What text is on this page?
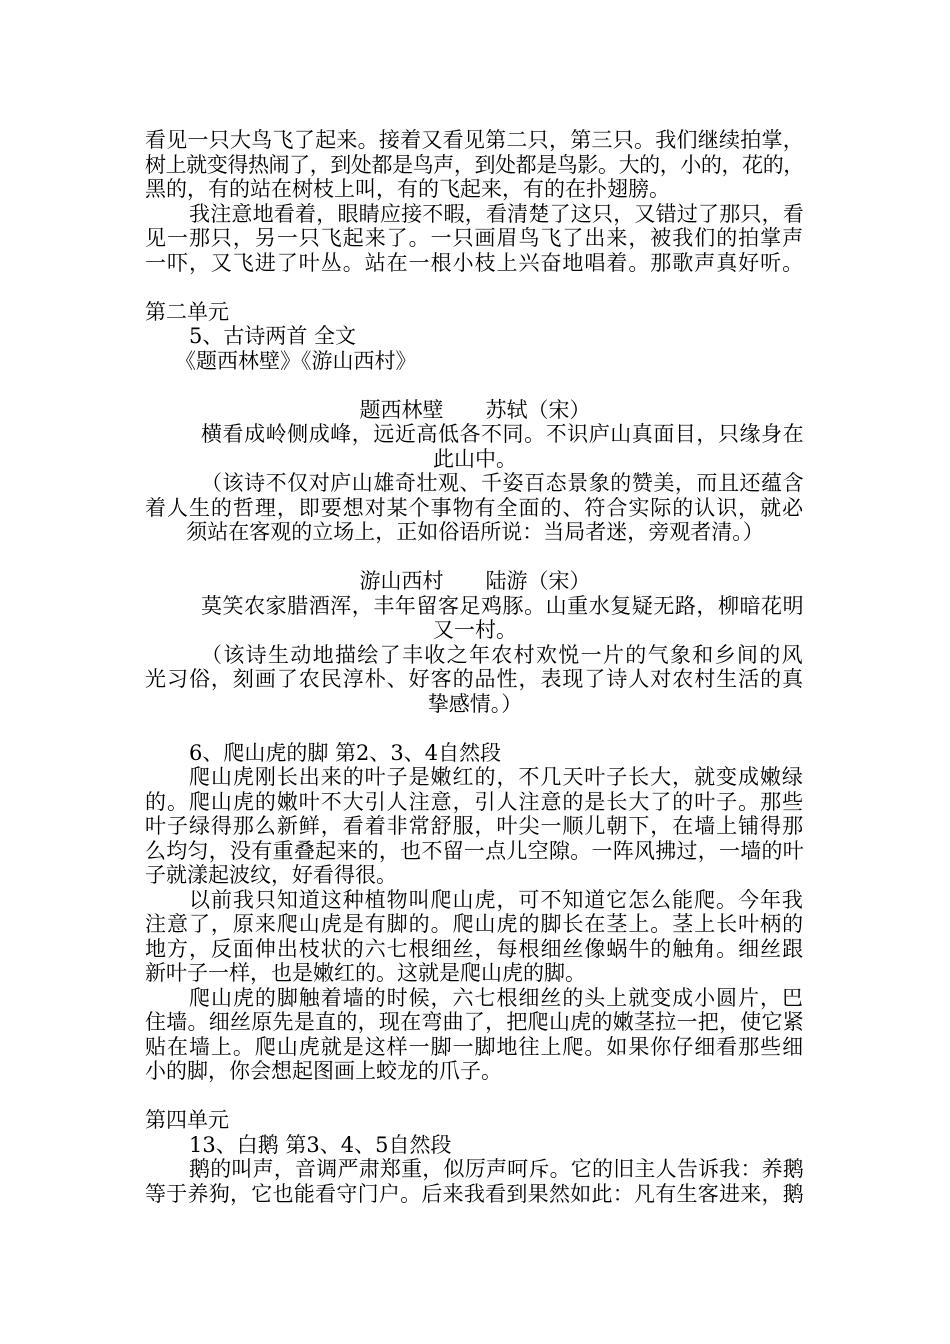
看见一只大鸟飞了起来。接着又看见第二只，第三只。我们继续拍掌，
树上就变得热闹了，到处都是鸟声，到处都是鸟影。大的，小的，花的，
黑的，有的站在树枝上叫，有的飞起来，有的在扑翅膀。
我注意地看着，眼睛应接不暇，看清楚了这只，又错过了那只，看
见一那只，另一只飞起来了。一只画眉鸟飞了出来，被我们的拍掌声
一吓，又飞进了叶丛。站在一根小枝上兴奋地唱着。那歌声真好听。
第二单元
5、古诗两首 全文
《题西林壁》《游山西村》
题西林壁　　苏轼（宋）
横看成岭侧成峰，远近高低各不同。不识庐山真面目，只缘身在
此山中。
（该诗不仅对庐山雄奇壮观、千姿百态景象的赞美，而且还蕴含
着人生的哲理，即要想对某个事物有全面的、符合实际的认识，就必
须站在客观的立场上，正如俗语所说：当局者迷，旁观者清。）
游山西村　　陆游（宋）
莫笑农家腊酒浑，丰年留客足鸡豚。山重水复疑无路，柳暗花明
又一村。
（该诗生动地描绘了丰收之年农村欢悦一片的气象和乡间的风
光习俗，刻画了农民淳朴、好客的品性，表现了诗人对农村生活的真
挚感情。）
6、爬山虎的脚 第2、3、4自然段
爬山虎刚长出来的叶子是嫩红的，不几天叶子长大，就变成嫩绿
的。爬山虎的嫩叶不大引人注意，引人注意的是长大了的叶子。那些
叶子绿得那么新鲜，看着非常舒服，叶尖一顺儿朝下，在墙上铺得那
么均匀，没有重叠起来的，也不留一点儿空隙。一阵风拂过，一墙的叶
子就漾起波纹，好看得很。
以前我只知道这种植物叫爬山虎，可不知道它怎么能爬。今年我
注意了，原来爬山虎是有脚的。爬山虎的脚长在茎上。茎上长叶柄的
地方，反面伸出枝状的六七根细丝，每根细丝像蜗牛的触角。细丝跟
新叶子一样，也是嫩红的。这就是爬山虎的脚。
爬山虎的脚触着墙的时候，六七根细丝的头上就变成小圆片，巴
住墙。细丝原先是直的，现在弯曲了，把爬山虎的嫩茎拉一把，使它紧
贴在墙上。爬山虎就是这样一脚一脚地往上爬。如果你仔细看那些细
小的脚，你会想起图画上蛟龙的爪子。
第四单元
13、白鹅 第3、4、5自然段
鹅的叫声，音调严肃郑重，似厉声呵斥。它的旧主人告诉我：养鹅
等于养狗，它也能看守门户。后来我看到果然如此：凡有生客进来，鹅
